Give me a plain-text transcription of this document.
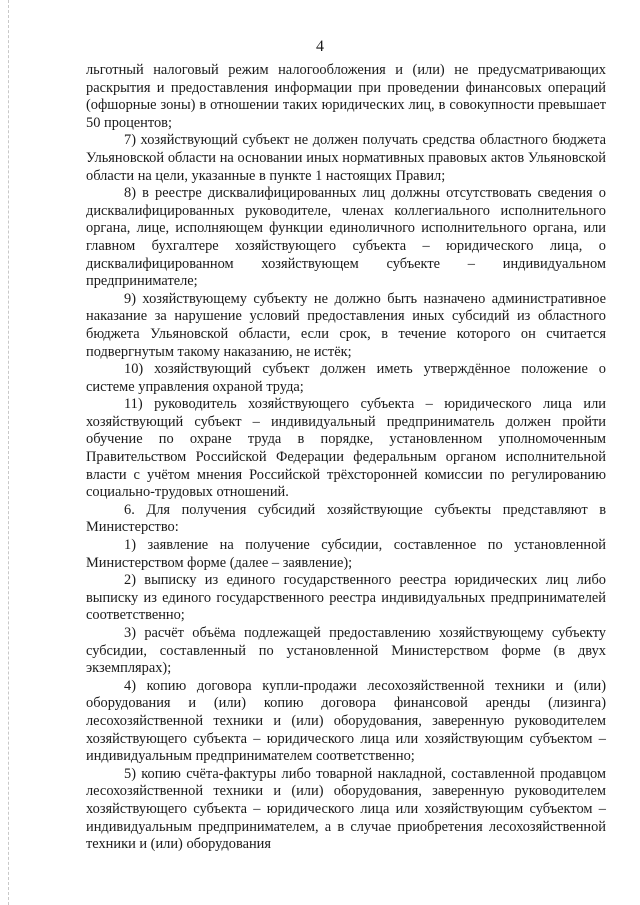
4

льготный налоговый режим налогообложения и (или) не предусматривающих раскрытия и предоставления информации при проведении финансовых операций (офшорные зоны) в отношении таких юридических лиц, в совокупности превышает 50 процентов;

7) хозяйствующий субъект не должен получать средства областного бюджета Ульяновской области на основании иных нормативных правовых актов Ульяновской области на цели, указанные в пункте 1 настоящих Правил;

8) в реестре дисквалифицированных лиц должны отсутствовать сведения о дисквалифицированных руководителе, членах коллегиального исполнительного органа, лице, исполняющем функции единоличного исполнительного органа, или главном бухгалтере хозяйствующего субъекта – юридического лица, о дисквалифицированном хозяйствующем субъекте – индивидуальном предпринимателе;

9) хозяйствующему субъекту не должно быть назначено административное наказание за нарушение условий предоставления иных субсидий из областного бюджета Ульяновской области, если срок, в течение которого он считается подвергнутым такому наказанию, не истёк;

10) хозяйствующий субъект должен иметь утверждённое положение о системе управления охраной труда;

11) руководитель хозяйствующего субъекта – юридического лица или хозяйствующий субъект – индивидуальный предприниматель должен пройти обучение по охране труда в порядке, установленном уполномоченным Правительством Российской Федерации федеральным органом исполнительной власти с учётом мнения Российской трёхсторонней комиссии по регулированию социально-трудовых отношений.

6. Для получения субсидий хозяйствующие субъекты представляют в Министерство:

1) заявление на получение субсидии, составленное по установленной Министерством форме (далее – заявление);

2) выписку из единого государственного реестра юридических лиц либо выписку из единого государственного реестра индивидуальных предпринимателей соответственно;

3) расчёт объёма подлежащей предоставлению хозяйствующему субъекту субсидии, составленный по установленной Министерством форме (в двух экземплярах);

4) копию договора купли-продажи лесохозяйственной техники и (или) оборудования и (или) копию договора финансовой аренды (лизинга) лесохозяйственной техники и (или) оборудования, заверенную руководителем хозяйствующего субъекта – юридического лица или хозяйствующим субъектом – индивидуальным предпринимателем соответственно;

5) копию счёта-фактуры либо товарной накладной, составленной продавцом лесохозяйственной техники и (или) оборудования, заверенную руководителем хозяйствующего субъекта – юридического лица или хозяйствующим субъектом – индивидуальным предпринимателем, а в случае приобретения лесохозяйственной техники и (или) оборудования
